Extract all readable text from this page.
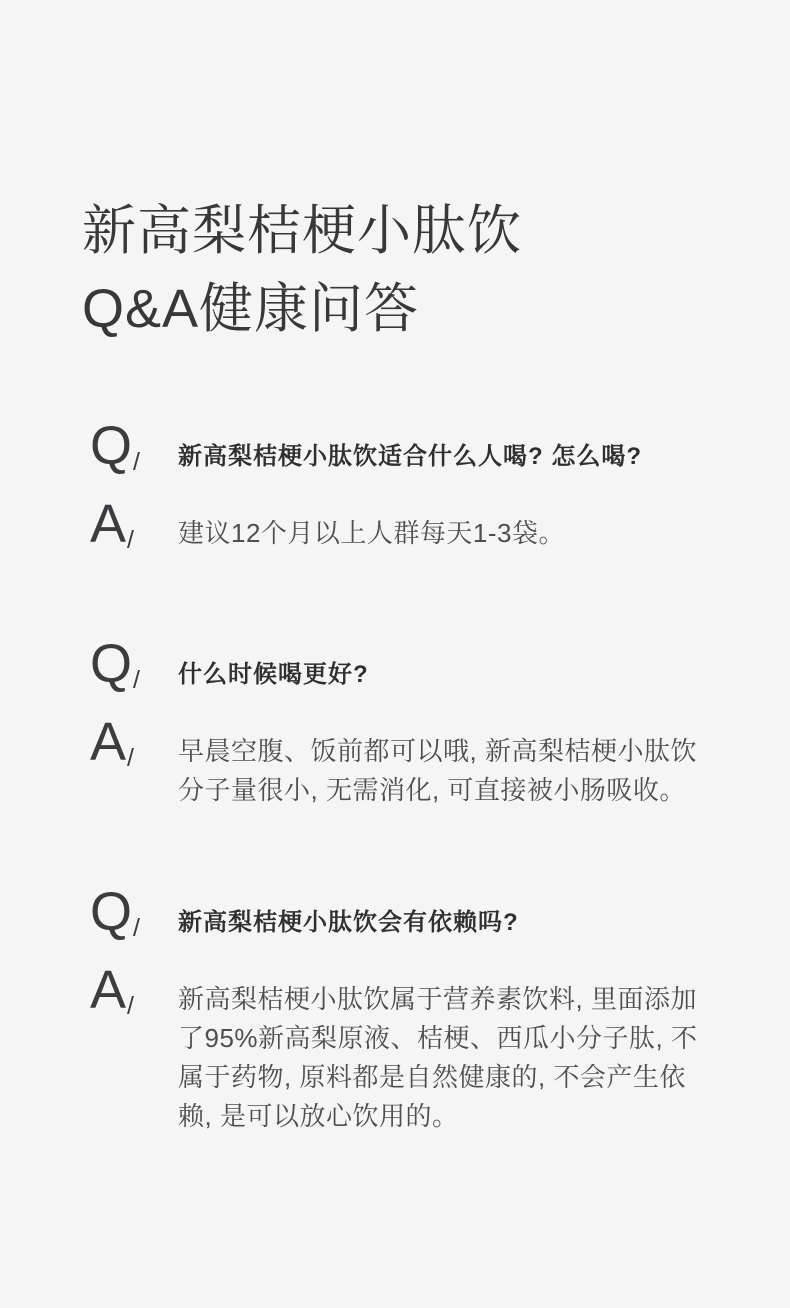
新高梨桔梗小肽饮
Q&A健康问答
Q/	新高梨桔梗小肽饮适合什么人喝? 怎么喝?
A/	建议12个月以上人群每天1-3袋。
Q/	什么时候喝更好?
A/	早晨空腹、饭前都可以哦, 新高梨桔梗小肽饮分子量很小, 无需消化, 可直接被小肠吸收。
Q/	新高梨桔梗小肽饮会有依赖吗?
A/	新高梨桔梗小肽饮属于营养素饮料, 里面添加了95%新高梨原液、桔梗、西瓜小分子肽, 不属于药物, 原料都是自然健康的, 不会产生依赖, 是可以放心饮用的。
